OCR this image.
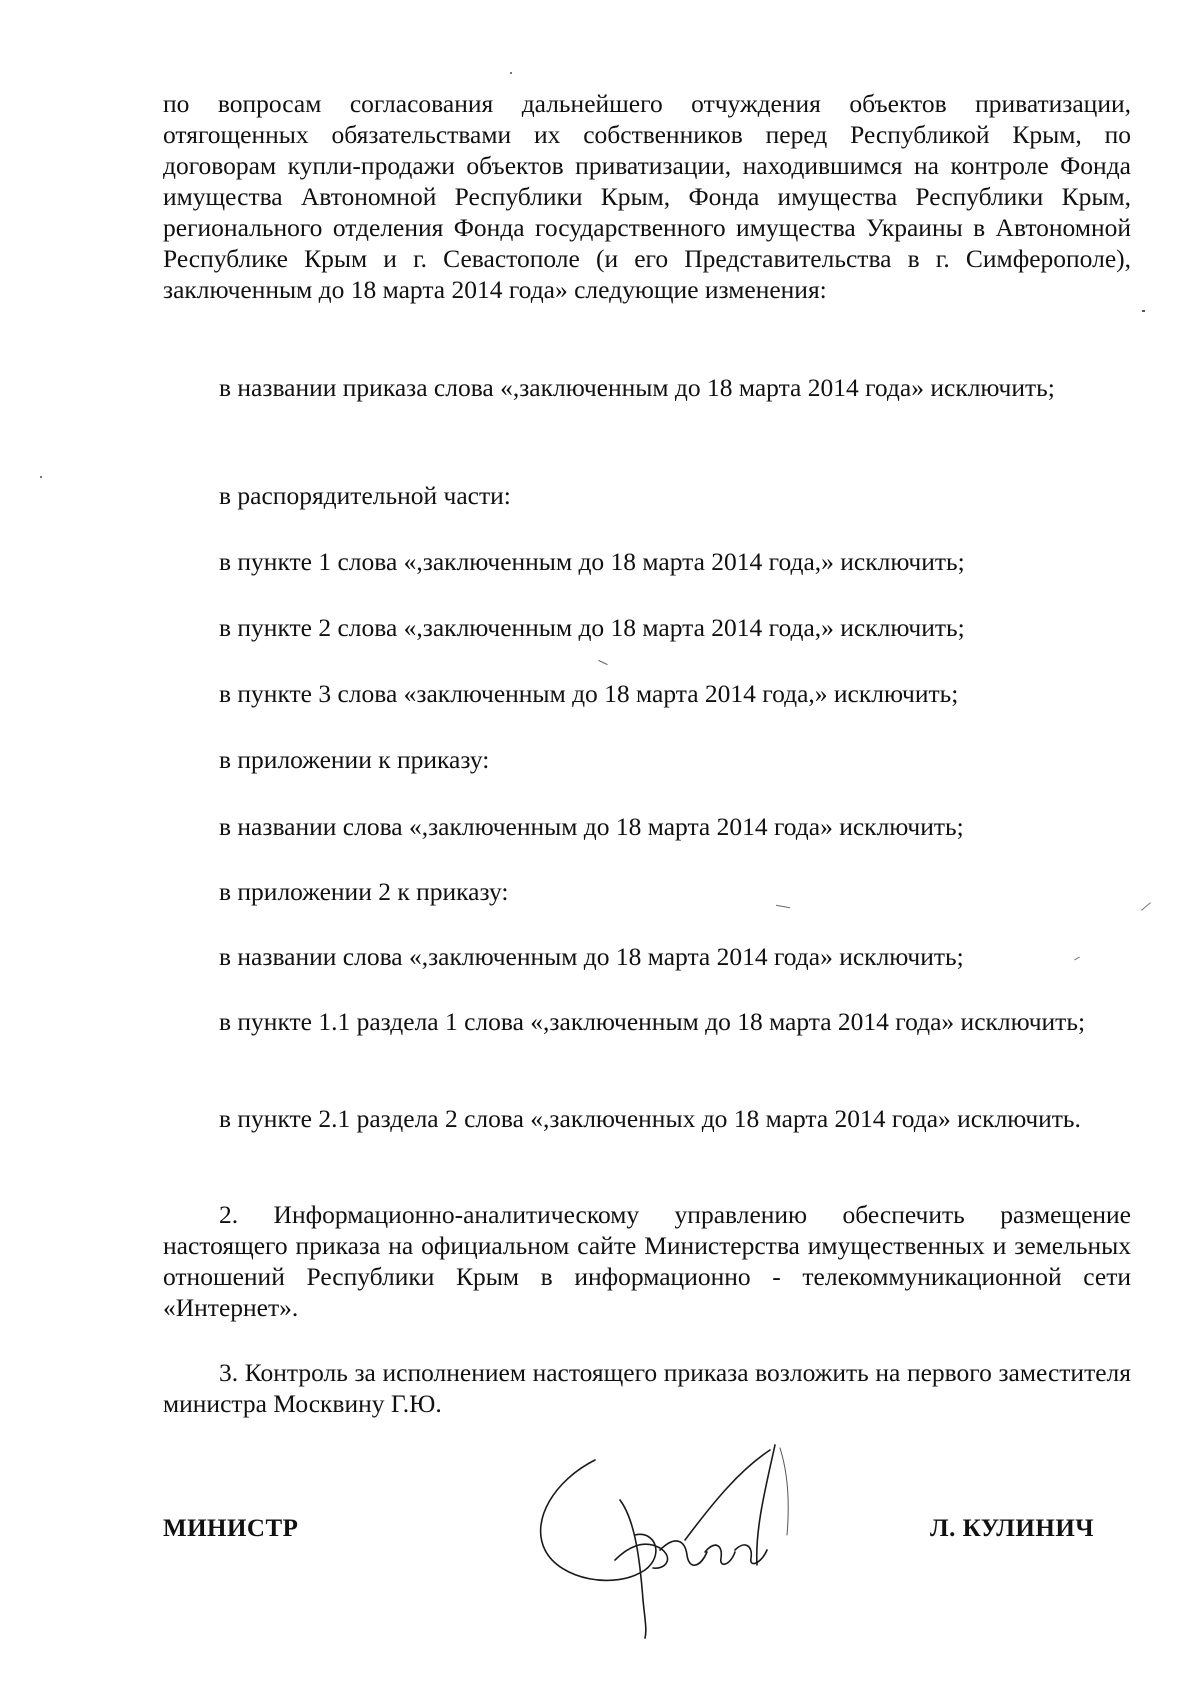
по вопросам согласования дальнейшего отчуждения объектов приватизации, отягощенных обязательствами их собственников перед Республикой Крым, по договорам купли-продажи объектов приватизации, находившимся на контроле Фонда имущества Автономной Республики Крым, Фонда имущества Республики Крым, регионального отделения Фонда государственного имущества Украины в Автономной Республике Крым и г. Севастополе (и его Представительства в г. Симферополе), заключенным до 18 марта 2014 года» следующие изменения:

в названии приказа слова «,заключенным до 18 марта 2014 года» исключить;

в распорядительной части:

в пункте 1 слова «,заключенным до 18 марта 2014 года,» исключить;

в пункте 2 слова «,заключенным до 18 марта 2014 года,» исключить;

в пункте 3 слова «заключенным до 18 марта 2014 года,» исключить;

в приложении к приказу:

в названии слова «,заключенным до 18 марта 2014 года» исключить;

в приложении 2 к приказу:

в названии слова «,заключенным до 18 марта 2014 года» исключить;

в пункте 1.1 раздела 1 слова «,заключенным до 18 марта 2014 года» исключить;

в пункте 2.1 раздела 2 слова «,заключенных до 18 марта 2014 года» исключить.

2. Информационно-аналитическому управлению обеспечить размещение настоящего приказа на официальном сайте Министерства имущественных и земельных отношений Республики Крым в информационно - телекоммуникационной сети «Интернет».

3. Контроль за исполнением настоящего приказа возложить на первого заместителя министра Москвину Г.Ю.

МИНИСТР	Л. КУЛИНИЧ
